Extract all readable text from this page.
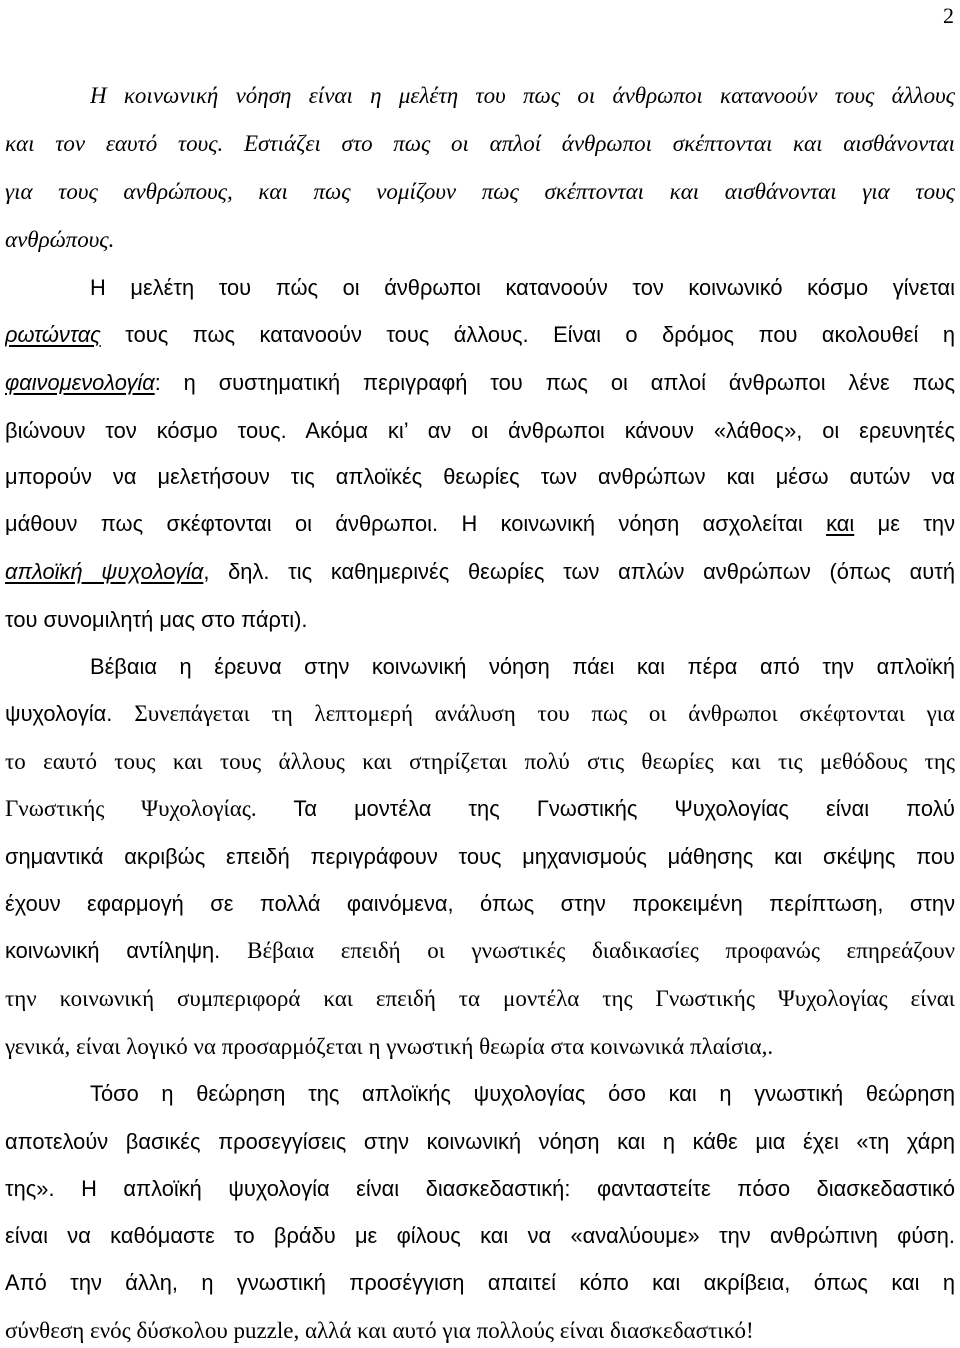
2
Η κοινωνική νόηση είναι η μελέτη του πως οι άνθρωποι κατανοούν τους άλλους
και τον εαυτό τους. Εστιάζει στο πως οι απλοί άνθρωποι σκέπτονται και αισθάνονται
για τους ανθρώπους, και πως νομίζουν πως σκέπτονται και αισθάνονται για τους
ανθρώπους.
Η μελέτη του πώς οι άνθρωποι κατανοούν τον κοινωνικό κόσμο γίνεται
ρωτώντας τους πως κατανοούν τους άλλους. Είναι ο δρόμος που ακολουθεί η
φαινομενολογία: η συστηματική περιγραφή του πως οι απλοί άνθρωποι λένε πως
βιώνουν τον κόσμο τους. Ακόμα κι’ αν οι άνθρωποι κάνουν «λάθος», οι ερευνητές
μπορούν να μελετήσουν τις απλοϊκές θεωρίες των ανθρώπων και μέσω αυτών να
μάθουν πως σκέφτονται οι άνθρωποι. Η κοινωνική νόηση ασχολείται και με την
απλοϊκή ψυχολογία, δηλ. τις καθημερινές θεωρίες των απλών ανθρώπων (όπως αυτή
του συνομιλητή μας στο πάρτι).
Βέβαια η έρευνα στην κοινωνική νόηση πάει και πέρα από την απλοϊκή
ψυχολογία. Συνεπάγεται τη λεπτομερή ανάλυση του πως οι άνθρωποι σκέφτονται για
το εαυτό τους και τους άλλους και στηρίζεται πολύ στις θεωρίες και τις μεθόδους της
Γνωστικής Ψυχολογίας. Τα μοντέλα της Γνωστικής Ψυχολογίας είναι πολύ
σημαντικά ακριβώς επειδή περιγράφουν τους μηχανισμούς μάθησης και σκέψης που
έχουν εφαρμογή σε πολλά φαινόμενα, όπως στην προκειμένη περίπτωση, στην
κοινωνική αντίληψη. Βέβαια επειδή οι γνωστικές διαδικασίες προφανώς επηρεάζουν
την κοινωνική συμπεριφορά και επειδή τα μοντέλα της Γνωστικής Ψυχολογίας είναι
γενικά, είναι λογικό να προσαρμόζεται η γνωστική θεωρία στα κοινωνικά πλαίσια,.
Τόσο η θεώρηση της απλοϊκής ψυχολογίας όσο και η γνωστική θεώρηση
αποτελούν βασικές προσεγγίσεις στην κοινωνική νόηση και η κάθε μια έχει «τη χάρη
της». Η απλοϊκή ψυχολογία είναι διασκεδαστική: φανταστείτε πόσο διασκεδαστικό
είναι να καθόμαστε το βράδυ με φίλους και να «αναλύουμε» την ανθρώπινη φύση.
Από την άλλη, η γνωστική προσέγγιση απαιτεί κόπο και ακρίβεια, όπως και η
σύνθεση ενός δύσκολου puzzle, αλλά και αυτό για πολλούς είναι διασκεδαστικό!
